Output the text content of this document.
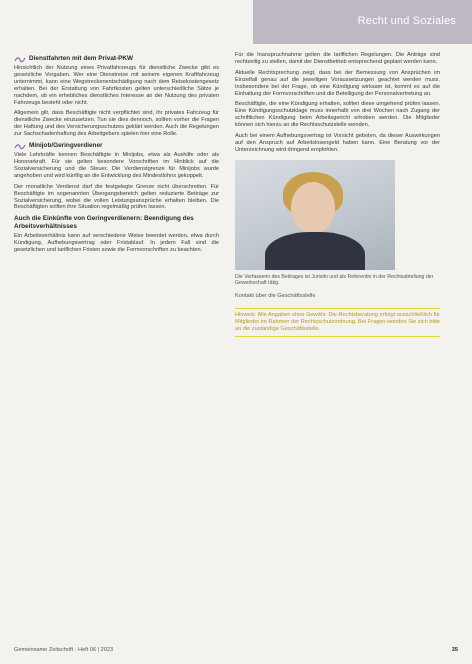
Recht und Soziales
Dienstfahrten mit dem Privat-PKW

Hinsichtlich der Nutzung eines Privatfahrzeugs für dienstliche Zwecke gibt es gesetzliche Vorgaben. Wer eine Dienstreise mit seinem eigenen Kraftfahrzeug unternimmt, kann eine Wegstreckenentschädigung nach dem Reisekostengesetz erhalten. Bei der Erstattung von Fahrtkosten gelten unterschiedliche Sätze je nachdem, ob ein erhebliches dienstliches Interesse an der Nutzung des privaten Fahrzeugs besteht oder nicht.

Allgemein gilt, dass Beschäftigte nicht verpflichtet sind, ihr privates Fahrzeug für dienstliche Zwecke einzusetzen. Tun sie dies dennoch, sollten vorher die Fragen der Haftung und des Versicherungsschutzes geklärt werden. Auch die Regelungen zur Sachschadenhaftung des Arbeitgebers spielen hier eine Rolle.

Minijob/Geringverdiener

Viele Lehrkräfte kennen Beschäftigte in Minijobs, etwa als Aushilfe oder als Honorarkraft. Für sie gelten besondere Vorschriften im Hinblick auf die Sozialversicherung und die Steuer. Die Verdienstgrenze für Minijobs wurde angehoben und wird künftig an die Entwicklung des Mindestlohns gekoppelt.

Der monatliche Verdienst darf die festgelegte Grenze nicht überschreiten. Für Beschäftigte im sogenannten Übergangsbereich gelten reduzierte Beiträge zur Sozialversicherung, wobei die vollen Leistungsansprüche erhalten bleiben. Die Beschäftigten sollten ihre Situation regelmäßig prüfen lassen.

Auch die Einkünfte von Geringverdienern: Beendigung des Arbeitsverhältnisses

Ein Arbeitsverhältnis kann auf verschiedene Weise beendet werden, etwa durch Kündigung, Aufhebungsvertrag oder Fristablauf. In jedem Fall sind die gesetzlichen und tariflichen Fristen sowie die Formvorschriften zu beachten.

Für die Inanspruchnahme gelten die tariflichen Regelungen. Die Anträge sind rechtzeitig zu stellen, damit der Dienstbetrieb entsprechend geplant werden kann.

Aktuelle Rechtsprechung zeigt, dass bei der Bemessung von Ansprüchen im Einzelfall genau auf die jeweiligen Voraussetzungen geachtet werden muss. Insbesondere bei der Frage, ob eine Kündigung wirksam ist, kommt es auf die Einhaltung der Formvorschriften und die Beteiligung der Personalvertretung an.

Beschäftigte, die eine Kündigung erhalten, sollten diese umgehend prüfen lassen. Eine Kündigungsschutzklage muss innerhalb von drei Wochen nach Zugang der schriftlichen Kündigung beim Arbeitsgericht erhoben werden. Die Mitglieder können sich hierzu an die Rechtsschutzstelle wenden.

Auch bei einem Aufhebungsvertrag ist Vorsicht geboten, da dieser Auswirkungen auf den Anspruch auf Arbeitslosengeld haben kann. Eine Beratung vor der Unterzeichnung wird dringend empfohlen.

Die Verfasserin des Beitrages ist Juristin und als Referentin in der Rechtsabteilung der Gewerkschaft tätig.

Kontakt über die Geschäftsstelle

Hinweis: Alle Angaben ohne Gewähr. Die Rechtsberatung erfolgt ausschließlich für Mitglieder im Rahmen der Rechtsschutzordnung. Bei Fragen wenden Sie sich bitte an die zuständige Geschäftsstelle.
Gemeinsame Zeitschrift · Heft 06 | 2023	35
